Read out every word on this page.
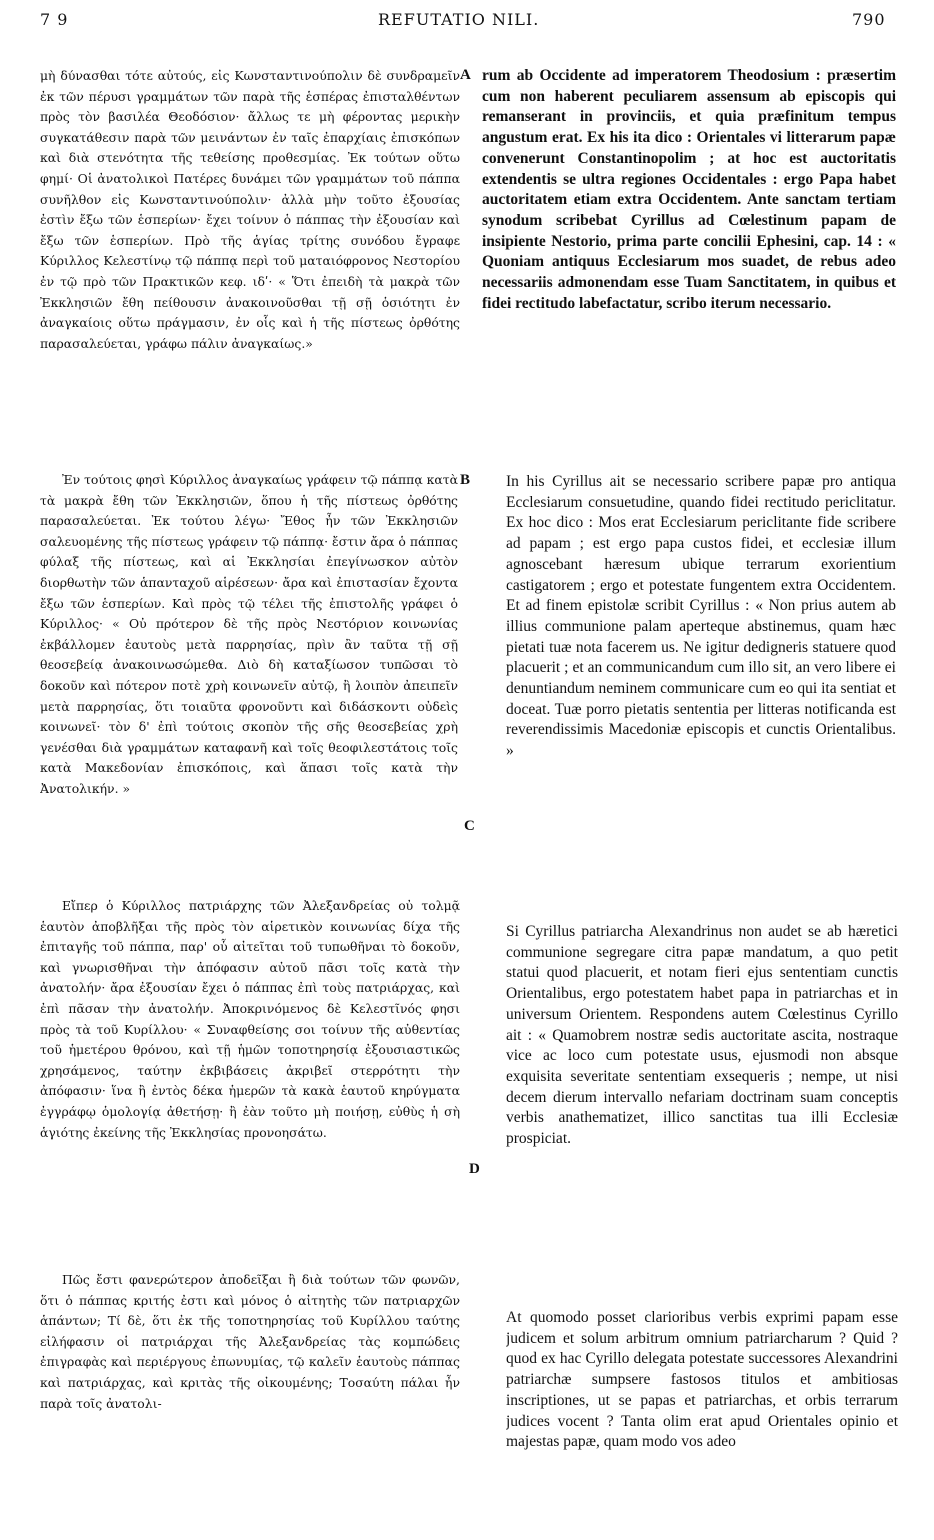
7 9	REFUTATIO NILI.	790
A
B
C
D

μὴ δύνασθαι τότε αὐτούς, εἰς Κωνσταντινούπολιν δὲ συνδραμεῖν ἐκ τῶν πέρυσι γραμμάτων τῶν παρὰ τῆς ἑσπέρας ἐπισταλθέντων πρὸς τὸν βασιλέα Θεοδόσιον· ἄλλως τε μὴ φέροντας μερικὴν συγκατάθεσιν παρὰ τῶν μεινάντων ἐν ταῖς ἐπαρχίαις ἐπισκόπων καὶ διὰ στενότητα τῆς τεθείσης προθεσμίας. Ἐκ τούτων οὕτω φημί· Οἱ ἀνατολικοὶ Πατέρες δυνάμει τῶν γραμμάτων τοῦ πάππα συνῆλθον εἰς Κωνσταντινούπολιν· ἀλλὰ μὴν τοῦτο ἐξουσίας ἐστὶν ἔξω τῶν ἑσπερίων· ἔχει τοίνυν ὁ πάππας τὴν ἐξουσίαν καὶ ἔξω τῶν ἑσπερίων. Πρὸ τῆς ἁγίας τρίτης συνόδου ἔγραφε Κύριλλος Κελεστίνῳ τῷ πάππᾳ περὶ τοῦ ματαιόφρονος Νεστορίου ἐν τῷ πρὸ τῶν Πρακτικῶν κεφ. ιδʹ· « Ὅτι ἐπειδὴ τὰ μακρὰ τῶν Ἐκκλησιῶν ἔθη πείθουσιν ἀνακοινοῦσθαι τῇ σῇ ὁσιότητι ἐν ἀναγκαίοις οὕτω πράγμασιν, ἐν οἷς καὶ ἡ τῆς πίστεως ὀρθότης παρασαλεύεται, γράφω πάλιν ἀναγκαίως.»

Ἐν τούτοις φησὶ Κύριλλος ἀναγκαίως γράφειν τῷ πάππᾳ κατὰ τὰ μακρὰ ἔθη τῶν Ἐκκλησιῶν, ὅπου ἡ τῆς πίστεως ὀρθότης παρασαλεύεται. Ἐκ τούτου λέγω· Ἔθος ἦν τῶν Ἐκκλησιῶν σαλευομένης τῆς πίστεως γράφειν τῷ πάππᾳ· ἔστιν ἄρα ὁ πάππας φύλαξ τῆς πίστεως, καὶ αἱ Ἐκκλησίαι ἐπεγίνωσκον αὐτὸν διορθωτὴν τῶν ἁπανταχοῦ αἱρέσεων· ἄρα καὶ ἐπιστασίαν ἔχοντα ἔξω τῶν ἑσπερίων. Καὶ πρὸς τῷ τέλει τῆς ἐπιστολῆς γράφει ὁ Κύριλλος· « Οὐ πρότερον δὲ τῆς πρὸς Νεστόριον κοινωνίας ἐκβάλλομεν ἑαυτοὺς μετὰ παρρησίας, πρὶν ἂν ταῦτα τῇ σῇ θεοσεβείᾳ ἀνακοινωσώμεθα. Διὸ δὴ καταξίωσον τυπῶσαι τὸ δοκοῦν καὶ πότερον ποτὲ χρὴ κοινωνεῖν αὐτῷ, ἢ λοιπὸν ἀπειπεῖν μετὰ παρρησίας, ὅτι τοιαῦτα φρονοῦντι καὶ διδάσκοντι οὐδεὶς κοινωνεῖ· τὸν δ' ἐπὶ τούτοις σκοπὸν τῆς σῆς θεοσεβείας χρὴ γενέσθαι διὰ γραμμάτων καταφανῆ καὶ τοῖς θεοφιλεστάτοις τοῖς κατὰ Μακεδονίαν ἐπισκόποις, καὶ ἅπασι τοῖς κατὰ τὴν Ἀνατολικήν. »

Εἴπερ ὁ Κύριλλος πατριάρχης τῶν Ἀλεξανδρείας οὐ τολμᾷ ἑαυτὸν ἀποβλῆξαι τῆς πρὸς τὸν αἱρετικὸν κοινωνίας δίχα τῆς ἐπιταγῆς τοῦ πάππα, παρ' οὗ αἰτεῖται τοῦ τυπωθῆναι τὸ δοκοῦν, καὶ γνωρισθῆναι τὴν ἀπόφασιν αὐτοῦ πᾶσι τοῖς κατὰ τὴν ἀνατολήν· ἄρα ἐξουσίαν ἔχει ὁ πάππας ἐπὶ τοὺς πατριάρχας, καὶ ἐπὶ πᾶσαν τὴν ἀνατολήν. Ἀποκρινόμενος δὲ Κελεστῖνός φησι πρὸς τὰ τοῦ Κυρίλλου· « Συναφθείσης σοι τοίνυν τῆς αὐθεντίας τοῦ ἡμετέρου θρόνου, καὶ τῇ ἡμῶν τοποτηρησίᾳ ἐξουσιαστικῶς χρησάμενος, ταύτην ἐκβιβάσεις ἀκριβεῖ στερρότητι τὴν ἀπόφασιν· ἵνα ἢ ἐντὸς δέκα ἡμερῶν τὰ κακὰ ἑαυτοῦ κηρύγματα ἐγγράφῳ ὁμολογίᾳ ἀθετήσῃ· ἢ ἐὰν τοῦτο μὴ ποιήσῃ, εὐθὺς ἡ σὴ ἁγιότης ἐκείνης τῆς Ἐκκλησίας προνοησάτω.

Πῶς ἔστι φανερώτερον ἀποδεῖξαι ἢ διὰ τούτων τῶν φωνῶν, ὅτι ὁ πάππας κριτής ἐστι καὶ μόνος ὁ αἰτητὴς τῶν πατριαρχῶν ἁπάντων; Τί δὲ, ὅτι ἐκ τῆς τοποτηρησίας τοῦ Κυρίλλου ταύτης εἰλήφασιν οἱ πατριάρχαι τῆς Ἀλεξανδρείας τὰς κομπώδεις ἐπιγραφὰς καὶ περιέργους ἐπωνυμίας, τῷ καλεῖν ἑαυτοὺς πάππας καὶ πατριάρχας, καὶ κριτὰς τῆς οἰκουμένης; Τοσαύτη πάλαι ἦν παρὰ τοῖς ἀνατολι-

rum ab Occidente ad imperatorem Theodosium : præsertim cum non haberent peculiarem assensum ab episcopis qui remanserant in provinciis, et quia præfinitum tempus angustum erat. Ex his ita dico : Orientales vi litterarum papæ convenerunt Constantinopolim ; at hoc est auctoritatis extendentis se ultra regiones Occidentales : ergo Papa habet auctoritatem etiam extra Occidentem. Ante sanctam tertiam synodum scribebat Cyrillus ad Cœlestinum papam de insipiente Nestorio, prima parte concilii Ephesini, cap. 14 : « Quoniam antiquus Ecclesiarum mos suadet, de rebus adeo necessariis admonendam esse Tuam Sanctitatem, in quibus et fidei rectitudo labefactatur, scribo iterum necessario.

In his Cyrillus ait se necessario scribere papæ pro antiqua Ecclesiarum consuetudine, quando fidei rectitudo periclitatur. Ex hoc dico : Mos erat Ecclesiarum periclitante fide scribere ad papam ; est ergo papa custos fidei, et ecclesiæ illum agnoscebant hæresum ubique terrarum exorientium castigatorem ; ergo et potestate fungentem extra Occidentem. Et ad finem epistolæ scribit Cyrillus : « Non prius autem ab illius communione palam aperteque abstinemus, quam hæc pietati tuæ nota facerem us. Ne igitur dedigneris statuere quod placuerit ; et an communicandum cum illo sit, an vero libere ei denuntiandum neminem communicare cum eo qui ita sentiat et doceat. Tuæ porro pietatis sententia per litteras notificanda est reverendissimis Macedoniæ episcopis et cunctis Orientalibus. »

Si Cyrillus patriarcha Alexandrinus non audet se ab hæretici communione segregare citra papæ mandatum, a quo petit statui quod placuerit, et notam fieri ejus sententiam cunctis Orientalibus, ergo potestatem habet papa in patriarchas et in universum Orientem. Respondens autem Cœlestinus Cyrillo ait : « Quamobrem nostræ sedis auctoritate ascita, nostraque vice ac loco cum potestate usus, ejusmodi non absque exquisita severitate sententiam exsequeris ; nempe, ut nisi decem dierum intervallo nefariam doctrinam suam conceptis verbis anathematizet, illico sanctitas tua illi Ecclesiæ prospiciat.

At quomodo posset clarioribus verbis exprimi papam esse judicem et solum arbitrum omnium patriarcharum ? Quid ? quod ex hac Cyrillo delegata potestate successores Alexandrini patriarchæ sumpsere fastosos titulos et ambitiosas inscriptiones, ut se papas et patriarchas, et orbis terrarum judices vocent ? Tanta olim erat apud Orientales opinio et majestas papæ, quam modo vos adeo
